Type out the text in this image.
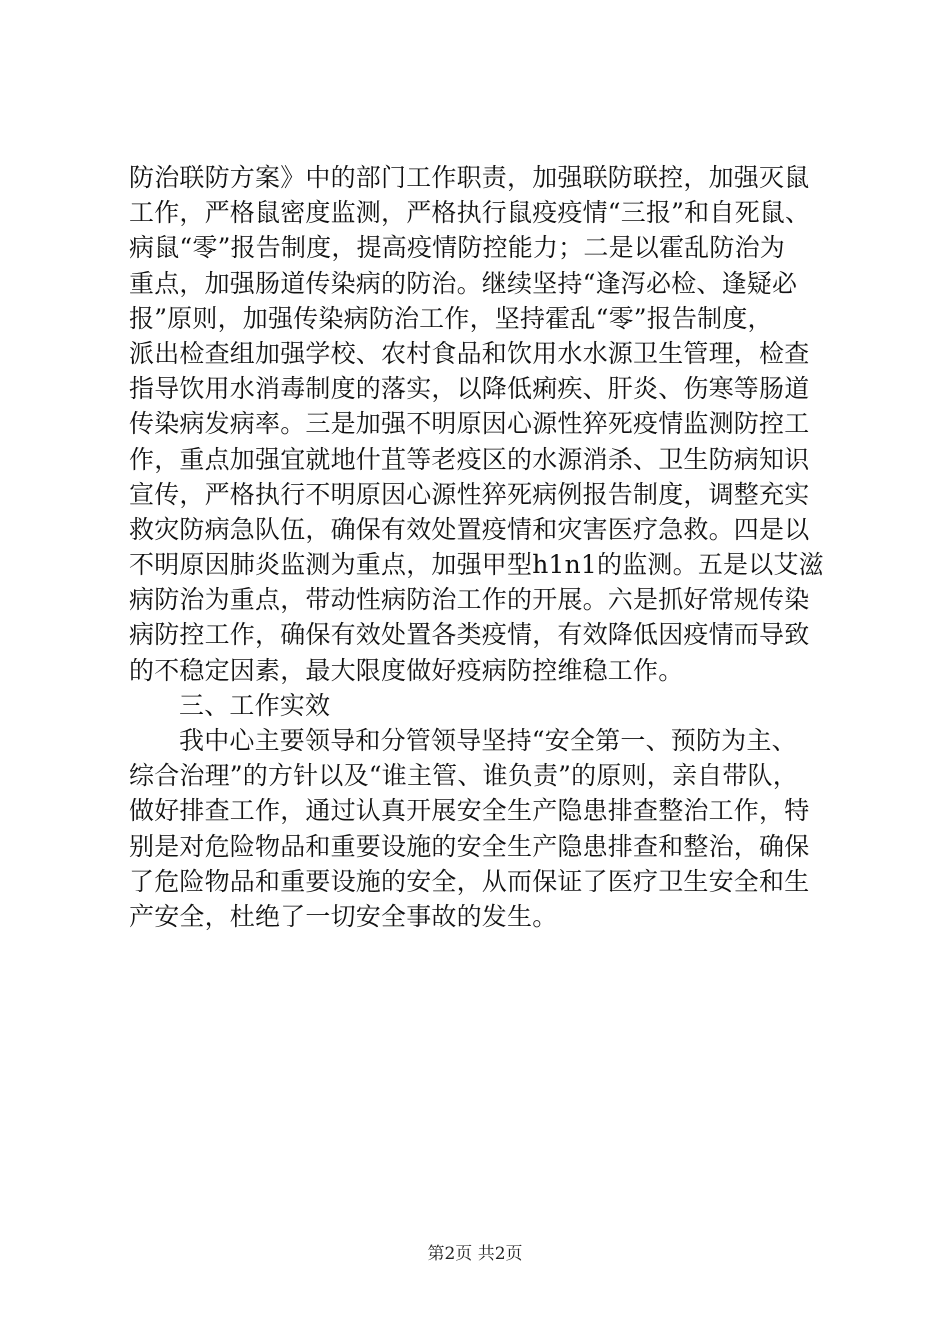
防治联防方案》中的部门工作职责，加强联防联控，加强灭鼠
工作，严格鼠密度监测，严格执行鼠疫疫情“三报”和自死鼠、
病鼠“零”报告制度，提高疫情防控能力；二是以霍乱防治为
重点，加强肠道传染病的防治。继续坚持“逢泻必检、逢疑必
报”原则，加强传染病防治工作，坚持霍乱“零”报告制度，
派出检查组加强学校、农村食品和饮用水水源卫生管理，检查
指导饮用水消毒制度的落实，以降低痢疾、肝炎、伤寒等肠道
传染病发病率。三是加强不明原因心源性猝死疫情监测防控工
作，重点加强宜就地什苴等老疫区的水源消杀、卫生防病知识
宣传，严格执行不明原因心源性猝死病例报告制度，调整充实
救灾防病急队伍，确保有效处置疫情和灾害医疗急救。四是以
不明原因肺炎监测为重点，加强甲型h1n1的监测。五是以艾滋
病防治为重点，带动性病防治工作的开展。六是抓好常规传染
病防控工作，确保有效处置各类疫情，有效降低因疫情而导致
的不稳定因素，最大限度做好疫病防控维稳工作。
三、工作实效
我中心主要领导和分管领导坚持“安全第一、预防为主、
综合治理”的方针以及“谁主管、谁负责”的原则，亲自带队，
做好排查工作，通过认真开展安全生产隐患排查整治工作，特
别是对危险物品和重要设施的安全生产隐患排查和整治，确保
了危险物品和重要设施的安全，从而保证了医疗卫生安全和生
产安全，杜绝了一切安全事故的发生。
第2页 共2页
